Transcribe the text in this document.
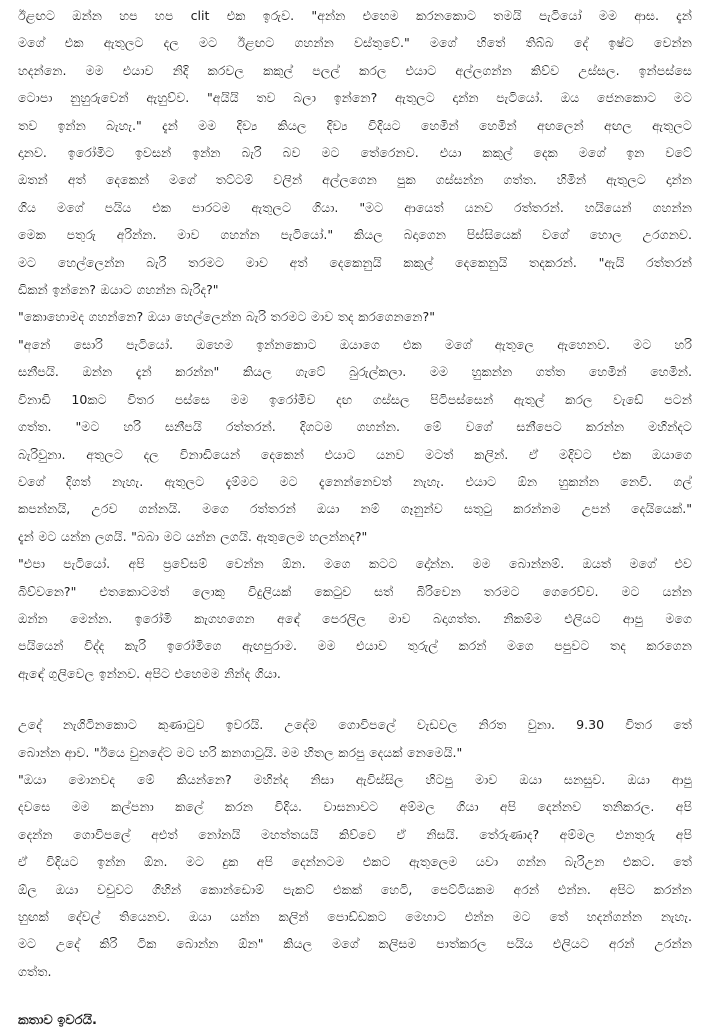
ඊළඟට ඔන්න හප හප clit එක ඉරුව. "අන්න එහෙම කරනකොට තමයි පැටියෝ මම ආස. දැන්
මගේ එක ඇතුලට දල මට ඊළඟට ගහන්න වස්තුවේ." මගේ හිතේ තිබ්බ දේ ඉෂ්ට වෙන්න
හදන්නෙ. මම එයාව නිදි කරවල කකුල් පලල් කරල එයාට අල්ලගන්න කිව්ව උස්සල. ඉන්පස්සෙ
ටොපා නුහුරුවෙන් ඇහුව්ව. "අයියි තව බලා ඉන්නෙ? ඇතුලට දාන්න පැටියෝ. ඔය ජෙනකොට මට
තව ඉන්න බැහැ." දැන් මම දිව්‍ය කියල දිව්‍ය විදියට හෙමින් හෙමින් අඟලෙන් අඟල ඇතුලට
දානව. ඉරෝමිට ඉවසන් ඉන්න බැරි බව මට තේරෙනව. එයා කකුල් දෙක මගේ ඉන වටේ
ඔතන් අත් දෙකෙන් මගේ තට්ටම් වලින් අල්ලගෙන පුක ගස්සන්න ගත්ත. හිමින් ඇතුලට දාන්න
ගිය මගේ පයිය එක පාරටම ඇතුලට ගියා. "මට ආයෙත් යනව රත්තරන්. හයියෙන් ගහන්න
මෙක පතුරු අරින්න. මාව ගහන්න පැටියෝ." කියල බදාගෙන පිස්සියෙක් වගේ හොල උරගනව.
මට හෙල්ලෙන්න බැරි තරමට මාව අත් දෙකෙනුයි කකුල් දෙකෙනුයි තදකරන්. "ඇයි රත්තරන්
ඩිකන් ඉන්නෙ? ඔයාට ගහන්න බැරිද?"
"කොහොමද ගහන්නෙ? ඔයා හෙල්ලෙන්න බැරි තරමට මාව තද කරගෙනනෙ?"
"අනේ සොරි පැටියෝ. ඔහෙම ඉන්නකොට ඔයාගෙ එක මගේ ඇතුලෙ ඇහෙනව. මට හරි
සනීපයි. ඔන්න දැන් කරන්න" කියල ගැටේ බුරුල්කලා. මම හුකන්න ගත්ත හෙමින් හෙමින්.
විනාඩි 10කට විතර පස්සෙ මම ඉරෝමිව දඟ ගස්සල පිටිපස්සෙන් ඇතුල් කරල වැඩේ පටන්
ගත්ත. "මට හරි සනීපයි රත්තරන්. දිගටම ගහන්න. මේ වගේ සනීපෙට කරන්න මහින්දට
බැරිවුනා. අතුලට දල විනාඩියෙන් දෙකෙන් එයාට යනව මටත් කලින්. ඒ මදිවට එක ඔයාගෙ
වගේ දිගත් නැහැ. ඇතුලට දැම්මට මට දැනෙන්නෙවත් නැහැ. එයාට ඕන හුකන්න නෙවි. ගල්
කපන්නයි, උරව ගන්නයි. මගෙ රත්තරන් ඔයා නම් ගෑනුන්ව සතුටු කරන්නම උපන් දෙයියෙක්."
දැන් මට යන්න ලගයි. "බබා මට යන්න ලගයි. ඇතුලෙම හලන්නද?"
"එපා පැටියෝ. අපි ප්‍රවේසම් වෙන්න ඕන. මගෙ කටට දෝන්න. මම බොන්නම්. ඔයත් මගේ එව
බිව්වනෙ?" එතකොටමත් ලොකු විදුලියක් කෙටුව සත් බිරිවෙන තරමට ගෙරෙව්ව. මට යන්න
ඔන්න මෙන්න. ඉරෝමි කැගහගෙන අඳේ පෙරලිල මාව බදාගත්ත. නිකම්ම එලියට ආපු මගෙ
පයියෙන් විද්ද කැරි ඉරෝමිගෙ ඇඟපුරාම. මම එයාව තුරුල් කරන් මගෙ පපුවට තද කරගෙන
ඇඳේ ගුලිවෙල ඉන්නව. අපිට එහෙමම නින්ද ගියා.
උදේ නැගිටිනකොට කුණාටුව ඉවරයි. උදේම ගොවිපලේ වැඩවල නිරත වුනා. 9.30 විතර තේ
බොන්න ආව. "ඊයෙ වුනදේට මට හරි කනගාටුයි. මම හිතල කරපු දෙයක් නෙමෙයි."
"ඔයා මොනවද මේ කියන්නෙ? මහින්ද නිසා ඇවිස්සිල හිටපු මාව ඔයා සනසුව. ඔයා ආපු
දවසෙ මම කල්පනා කලේ කරන විදිය. වාසනාවට අම්මල ගියා අපි දෙන්නව තනිකරල. අපි
දෙන්න ගොවිපලේ අඑත් නෝනයි මහත්තයයි කිව්වෙ ඒ නිසයි. තේරුණාද? අම්මල එනතුරු අපි
ඒ විදියට ඉන්න ඕන. මට දුක අපි දෙන්නටම එකට ඇතුලෙම යවා ගන්න බැරිඋන එකට. තේ
ඕල ඔයා වචුවට ගිහින් කොන්ඩොම් පැකට් එකක් හෙටි, පෙට්ටියකම අරන් එන්න. අපිට කරන්න
හුඟක් දේවල් තියෙනව. ඔයා යන්න කලින් පොඩ්ඩකට මෙහාට එන්න මට තේ හදන්ගන්න නැහැ.
මට උදේ කිරි ටික බොන්න ඕන" කියල මගේ කලිසම පාත්කරල පයිය එලියට අරන් උරන්න
ගත්ත.

කතාව ඉවරයි.
